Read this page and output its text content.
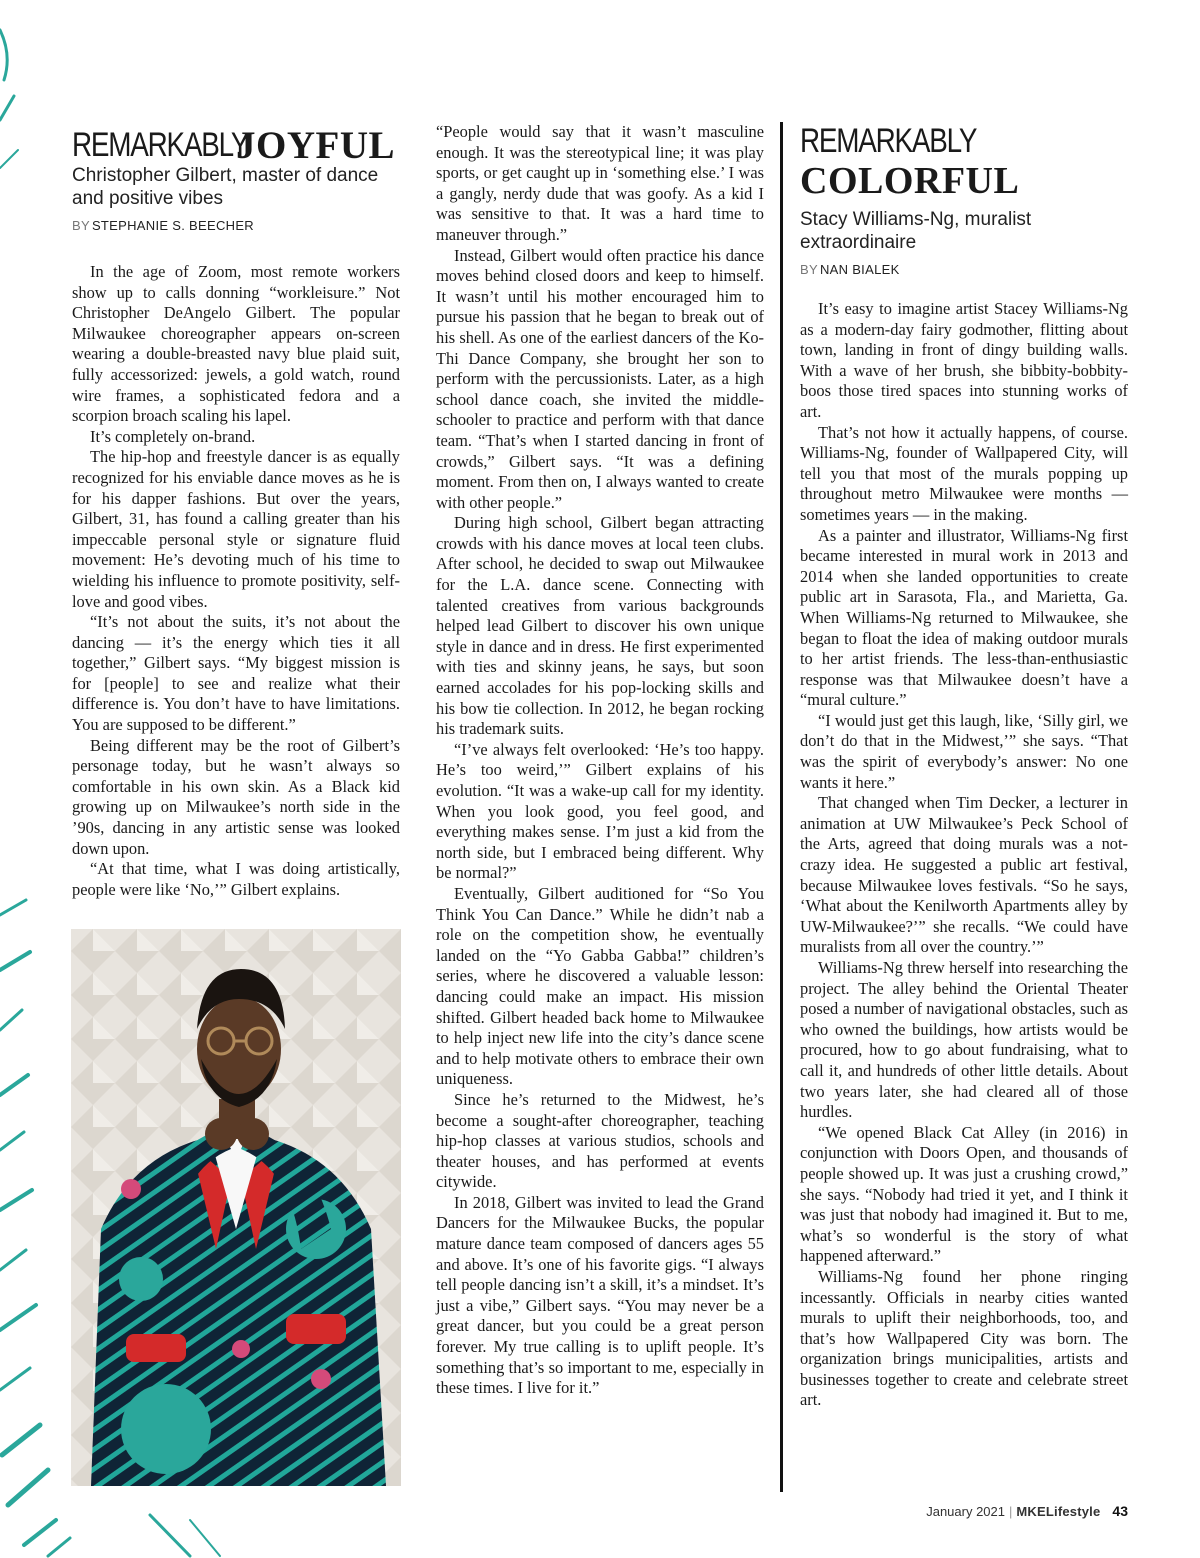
REMARKABLY
JOYFUL
Christopher Gilbert, master of dance and positive vibes
BY STEPHANIE S. BEECHER

In the age of Zoom, most remote workers show up to calls donning “workleisure.” Not Christopher DeAngelo Gilbert. The popular Milwaukee choreographer appears on-screen wearing a double-breasted navy blue plaid suit, fully accessorized: jewels, a gold watch, round wire frames, a sophisticated fedora and a scorpion broach scaling his lapel.

It’s completely on-brand.

The hip-hop and freestyle dancer is as equally recognized for his enviable dance moves as he is for his dapper fashions. But over the years, Gilbert, 31, has found a calling greater than his impeccable personal style or signature fluid movement: He’s devoting much of his time to wielding his influence to promote positivity, self-love and good vibes.

“It’s not about the suits, it’s not about the dancing — it’s the energy which ties it all together,” Gilbert says. “My biggest mission is for [people] to see and realize what their difference is. You don’t have to have limitations. You are supposed to be different.”

Being different may be the root of Gilbert’s personage today, but he wasn’t always so comfortable in his own skin. As a Black kid growing up on Milwaukee’s north side in the ’90s, dancing in any artistic sense was looked down upon.

“At that time, what I was doing artistically, people were like ‘No,’” Gilbert explains.

“People would say that it wasn’t masculine enough. It was the stereotypical line; it was play sports, or get caught up in ‘something else.’ I was a gangly, nerdy dude that was goofy. As a kid I was sensitive to that. It was a hard time to maneuver through.”

Instead, Gilbert would often practice his dance moves behind closed doors and keep to himself. It wasn’t until his mother encouraged him to pursue his passion that he began to break out of his shell. As one of the earliest dancers of the Ko-Thi Dance Company, she brought her son to perform with the percussionists. Later, as a high school dance coach, she invited the middle-schooler to practice and perform with that dance team. “That’s when I started dancing in front of crowds,” Gilbert says. “It was a defining moment. From then on, I always wanted to create with other people.”

During high school, Gilbert began attracting crowds with his dance moves at local teen clubs. After school, he decided to swap out Milwaukee for the L.A. dance scene. Connecting with talented creatives from various backgrounds helped lead Gilbert to discover his own unique style in dance and in dress. He first experimented with ties and skinny jeans, he says, but soon earned accolades for his pop-locking skills and his bow tie collection. In 2012, he began rocking his trademark suits.

“I’ve always felt overlooked: ‘He’s too happy. He’s too weird,’” Gilbert explains of his evolution. “It was a wake-up call for my identity. When you look good, you feel good, and everything makes sense. I’m just a kid from the north side, but I embraced being different. Why be normal?”

Eventually, Gilbert auditioned for “So You Think You Can Dance.” While he didn’t nab a role on the competition show, he eventually landed on the “Yo Gabba Gabba!” children’s series, where he discovered a valuable lesson: dancing could make an impact. His mission shifted. Gilbert headed back home to Milwaukee to help inject new life into the city’s dance scene and to help motivate others to embrace their own uniqueness.

Since he’s returned to the Midwest, he’s become a sought-after choreographer, teaching hip-hop classes at various studios, schools and theater houses, and has performed at events citywide.

In 2018, Gilbert was invited to lead the Grand Dancers for the Milwaukee Bucks, the popular mature dance team composed of dancers ages 55 and above. It’s one of his favorite gigs. “I always tell people dancing isn’t a skill, it’s a mindset. It’s just a vibe,” Gilbert says. “You may never be a great dancer, but you could be a great person forever. My true calling is to uplift people. It’s something that’s so important to me, especially in these times. I live for it.”

REMARKABLY
COLORFUL
Stacy Williams-Ng, muralist extraordinaire
BY NAN BIALEK

It’s easy to imagine artist Stacey Williams-Ng as a modern-day fairy godmother, flitting about town, landing in front of dingy building walls. With a wave of her brush, she bibbity-bobbity-boos those tired spaces into stunning works of art.

That’s not how it actually happens, of course. Williams-Ng, founder of Wallpapered City, will tell you that most of the murals popping up throughout metro Milwaukee were months — sometimes years — in the making.

As a painter and illustrator, Williams-Ng first became interested in mural work in 2013 and 2014 when she landed opportunities to create public art in Sarasota, Fla., and Marietta, Ga. When Williams-Ng returned to Milwaukee, she began to float the idea of making outdoor murals to her artist friends. The less-than-enthusiastic response was that Milwaukee doesn’t have a “mural culture.”

“I would just get this laugh, like, ‘Silly girl, we don’t do that in the Midwest,’” she says. “That was the spirit of everybody’s answer: No one wants it here.”

That changed when Tim Decker, a lecturer in animation at UW Milwaukee’s Peck School of the Arts, agreed that doing murals was a not-crazy idea. He suggested a public art festival, because Milwaukee loves festivals. “So he says, ‘What about the Kenilworth Apartments alley by UW-Milwaukee?’” she recalls. “We could have muralists from all over the country.’”

Williams-Ng threw herself into researching the project. The alley behind the Oriental Theater posed a number of navigational obstacles, such as who owned the buildings, how artists would be procured, how to go about fundraising, what to call it, and hundreds of other little details. About two years later, she had cleared all of those hurdles.

“We opened Black Cat Alley (in 2016) in conjunction with Doors Open, and thousands of people showed up. It was just a crushing crowd,” she says. “Nobody had tried it yet, and I think it was just that nobody had imagined it. But to me, what’s so wonderful is the story of what happened afterward.”

Williams-Ng found her phone ringing incessantly. Officials in nearby cities wanted murals to uplift their neighborhoods, too, and that’s how Wallpapered City was born. The organization brings municipalities, artists and businesses together to create and celebrate street art.

January 2021 | MKELifestyle 43
